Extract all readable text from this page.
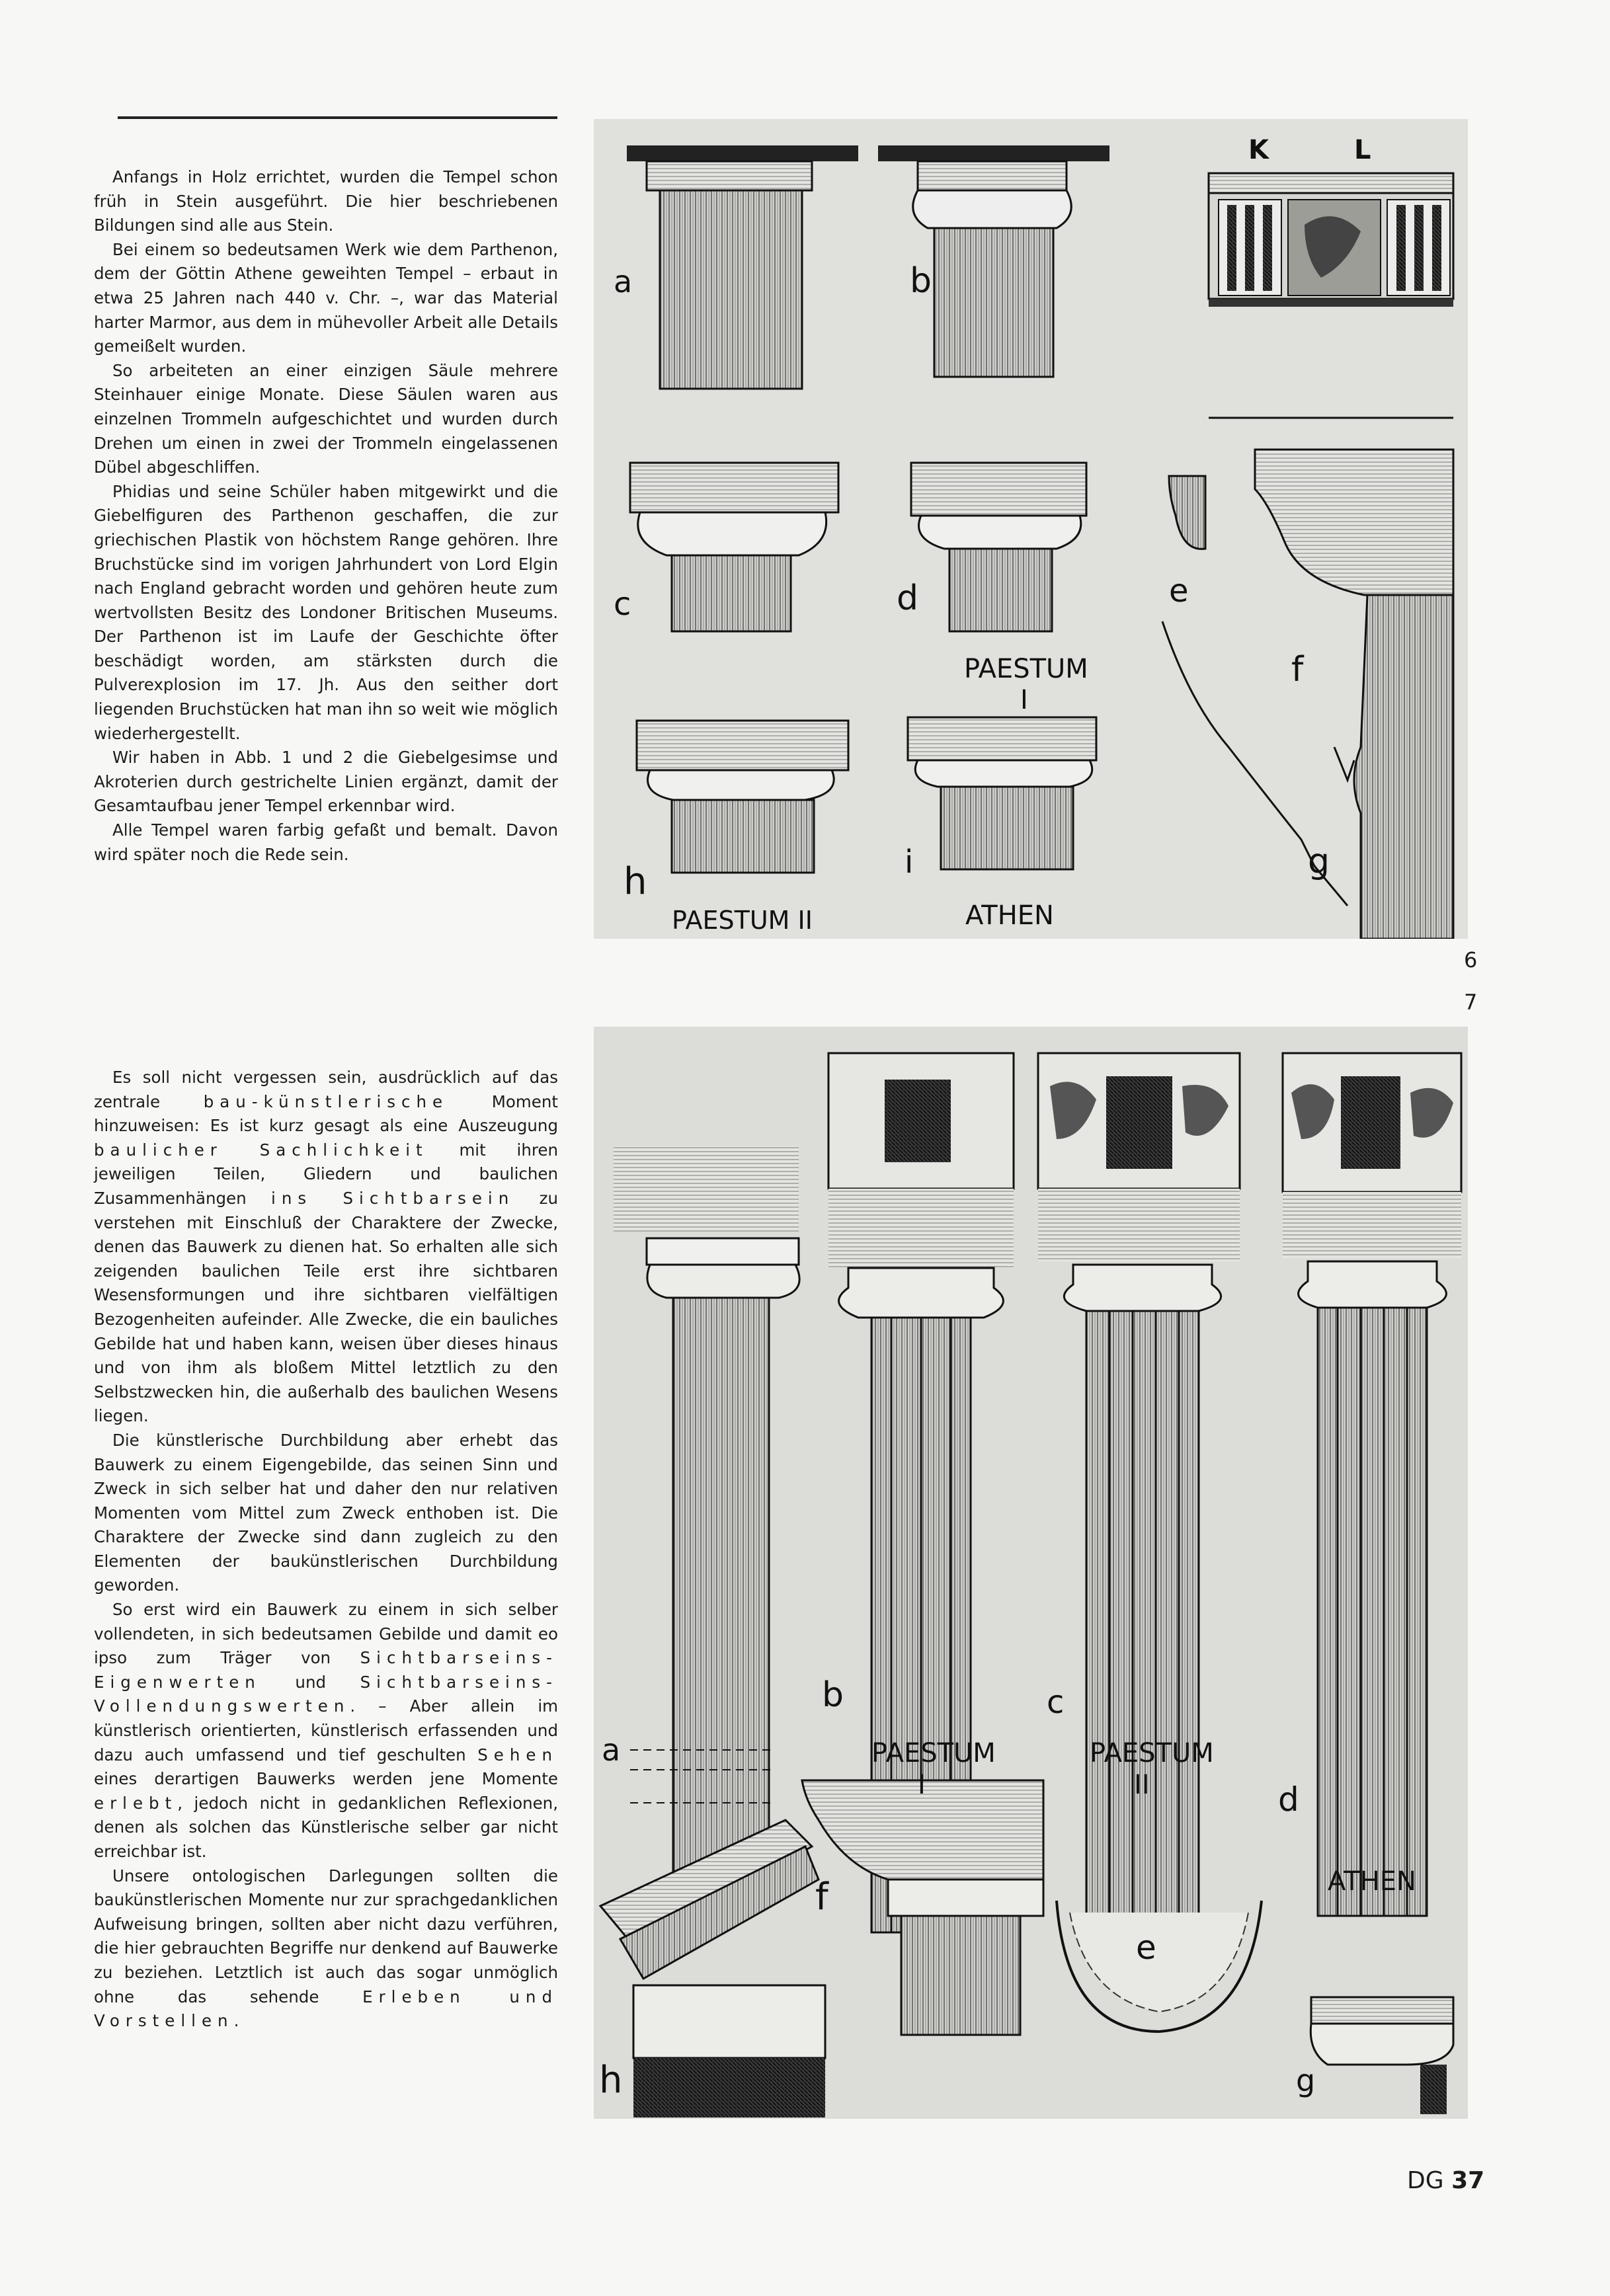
Anfangs in Holz errichtet, wurden die Tempel schon früh in Stein ausgeführt. Die hier beschriebenen Bildungen sind alle aus Stein.

Bei einem so bedeutsamen Werk wie dem Parthenon, dem der Göttin Athene geweihten Tempel – erbaut in etwa 25 Jahren nach 440 v. Chr. –, war das Material harter Marmor, aus dem in mühevoller Arbeit alle Details gemeißelt wurden.

So arbeiteten an einer einzigen Säule mehrere Steinhauer einige Monate. Diese Säulen waren aus einzelnen Trommeln aufgeschichtet und wurden durch Drehen um einen in zwei der Trommeln eingelassenen Dübel abgeschliffen.

Phidias und seine Schüler haben mitgewirkt und die Giebelfiguren des Parthenon geschaffen, die zur griechischen Plastik von höchstem Range gehören. Ihre Bruchstücke sind im vorigen Jahrhundert von Lord Elgin nach England gebracht worden und gehören heute zum wertvollsten Besitz des Londoner Britischen Museums. Der Parthenon ist im Laufe der Geschichte öfter beschädigt worden, am stärksten durch die Pulverexplosion im 17. Jh. Aus den seither dort liegenden Bruchstücken hat man ihn so weit wie möglich wiederhergestellt.

Wir haben in Abb. 1 und 2 die Giebelgesimse und Akroterien durch gestrichelte Linien ergänzt, damit der Gesamtaufbau jener Tempel erkennbar wird.

Alle Tempel waren farbig gefaßt und bemalt. Davon wird später noch die Rede sein.

Es soll nicht vergessen sein, ausdrücklich auf das zentrale bau-künstlerische Moment hinzuweisen: Es ist kurz gesagt als eine Auszeugung baulicher Sachlichkeit mit ihren jeweiligen Teilen, Gliedern und baulichen Zusammenhängen ins Sichtbarsein zu verstehen mit Einschluß der Charaktere der Zwecke, denen das Bauwerk zu dienen hat. So erhalten alle sich zeigenden baulichen Teile erst ihre sichtbaren Wesensformungen und ihre sichtbaren vielfältigen Bezogenheiten aufeinder. Alle Zwecke, die ein bauliches Gebilde hat und haben kann, weisen über dieses hinaus und von ihm als bloßem Mittel letztlich zu den Selbstzwecken hin, die außerhalb des baulichen Wesens liegen.

Die künstlerische Durchbildung aber erhebt das Bauwerk zu einem Eigengebilde, das seinen Sinn und Zweck in sich selber hat und daher den nur relativen Momenten vom Mittel zum Zweck enthoben ist. Die Charaktere der Zwecke sind dann zugleich zu den Elementen der baukünstlerischen Durchbildung geworden.

So erst wird ein Bauwerk zu einem in sich selber vollendeten, in sich bedeutsamen Gebilde und damit eo ipso zum Träger von Sichtbarseins-Eigenwerten und Sichtbarseins-Vollendungswerten. – Aber allein im künstlerisch orientierten, künstlerisch erfassenden und dazu auch umfassend und tief geschulten Sehen eines derartigen Bauwerks werden jene Momente erlebt, jedoch nicht in gedanklichen Reflexionen, denen als solchen das Künstlerische selber gar nicht erreichbar ist.

Unsere ontologischen Darlegungen sollten die baukünstlerischen Momente nur zur sprachgedanklichen Aufweisung bringen, sollten aber nicht dazu verführen, die hier gebrauchten Begriffe nur denkend auf Bauwerke zu beziehen. Letztlich ist auch das sogar unmöglich ohne das sehende Erleben	und Vorstellen.

a	b
K	L
c	d	e
f
g
h	i
PAESTUM
I
PAESTUM II	ATHEN
6
7
a
b	c
d
e
f
g
h
PAESTUM
I
PAESTUM
II
ATHEN
DG 37
